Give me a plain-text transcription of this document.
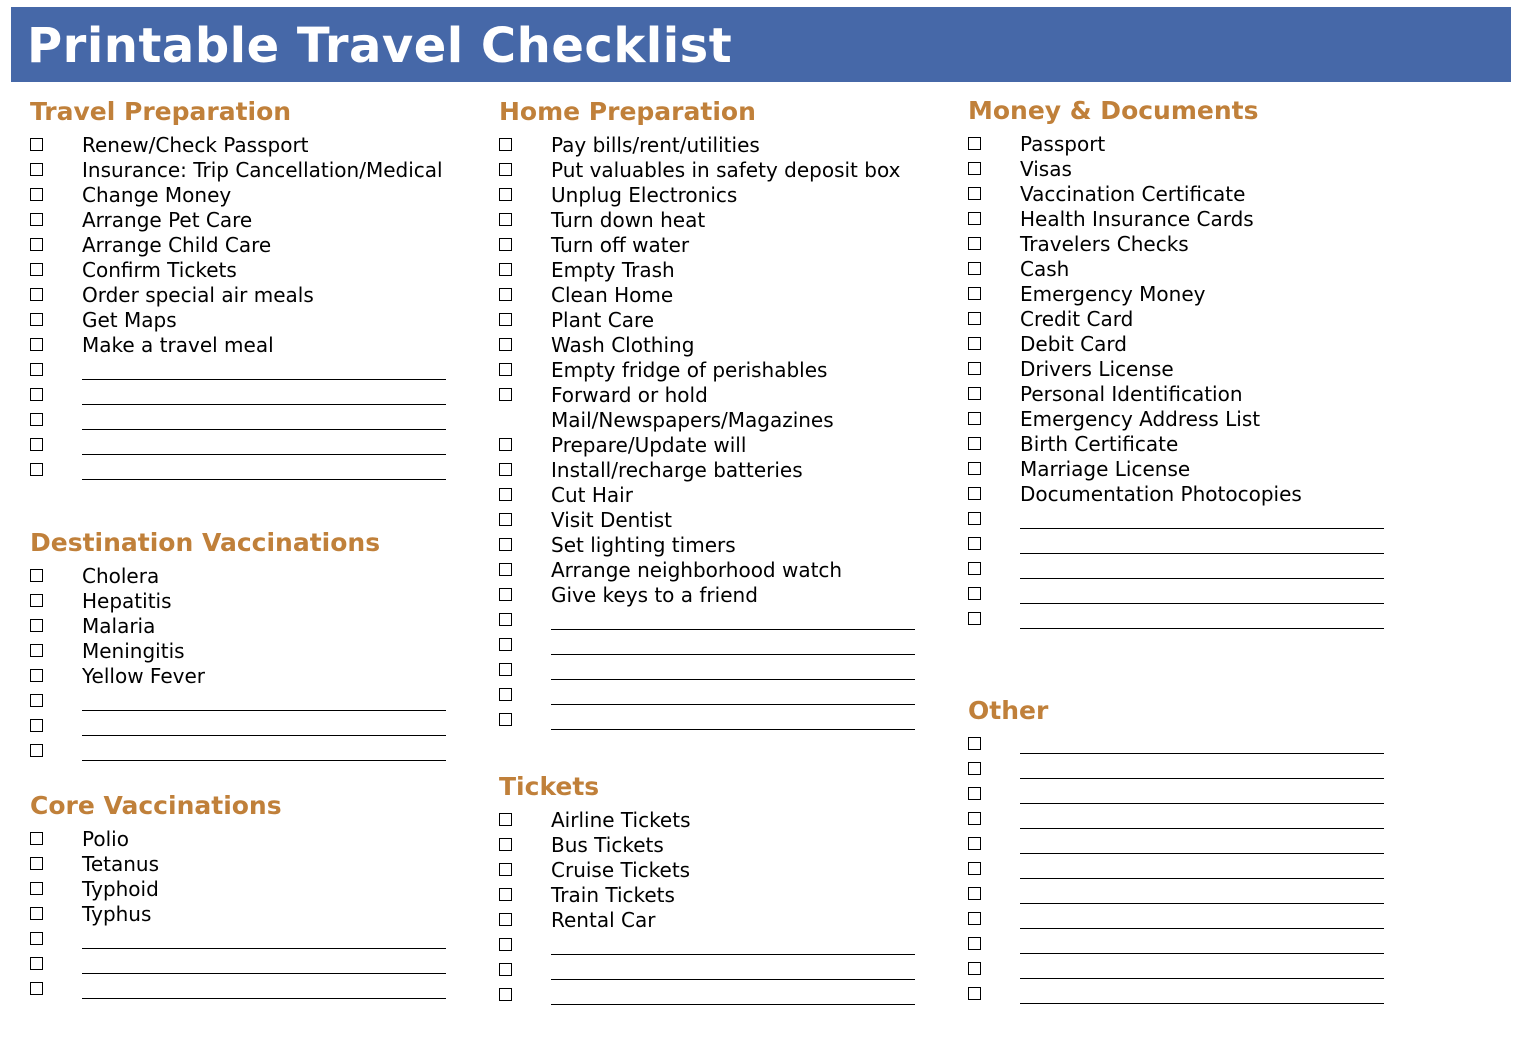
Printable Travel Checklist
Travel Preparation
Renew/Check Passport
Insurance: Trip Cancellation/Medical
Change Money
Arrange Pet Care
Arrange Child Care
Confirm Tickets
Order special air meals
Get Maps
Make a travel meal
Destination Vaccinations
Cholera
Hepatitis
Malaria
Meningitis
Yellow Fever
Core Vaccinations
Polio
Tetanus
Typhoid
Typhus
Home Preparation
Pay bills/rent/utilities
Put valuables in safety deposit box
Unplug Electronics
Turn down heat
Turn off water
Empty Trash
Clean Home
Plant Care
Wash Clothing
Empty fridge of perishables
Forward or hold
Mail/Newspapers/Magazines
Prepare/Update will
Install/recharge batteries
Cut Hair
Visit Dentist
Set lighting timers
Arrange neighborhood watch
Give keys to a friend
Tickets
Airline Tickets
Bus Tickets
Cruise Tickets
Train Tickets
Rental Car
Money & Documents
Passport
Visas
Vaccination Certificate
Health Insurance Cards
Travelers Checks
Cash
Emergency Money
Credit Card
Debit Card
Drivers License
Personal Identification
Emergency Address List
Birth Certificate
Marriage License
Documentation Photocopies
Other
